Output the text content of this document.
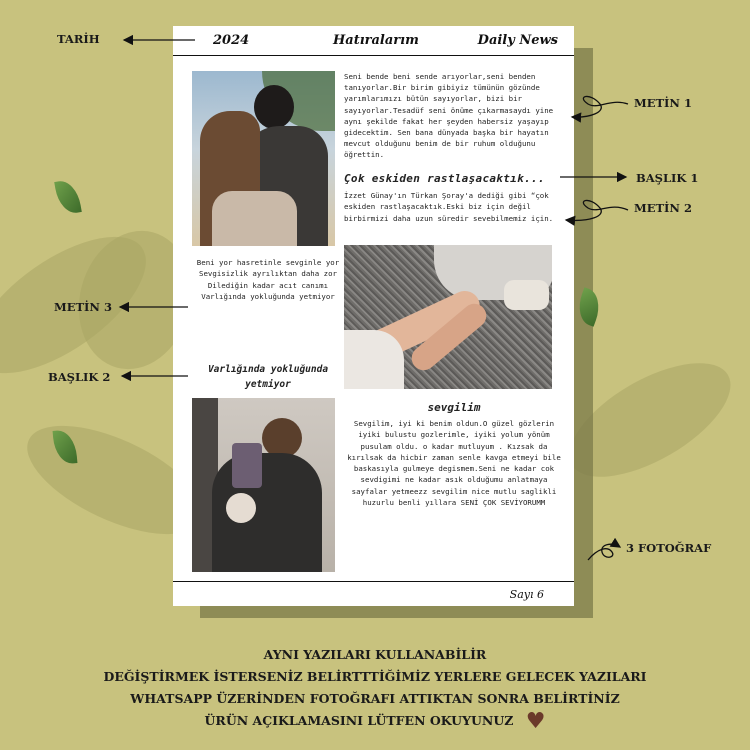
2024	Hatıralarım	Daily News
Seni bende beni sende arıyorlar,seni benden tanıyorlar.Bir birim gibiyiz tümünün gözünde yarımlarımızı bütün sayıyorlar, bizi bir sayıyorlar.Tesadüf seni önüme çıkarmasaydı yine aynı şekilde fakat her şeyden habersiz yaşayıp gidecektim. Sen bana dünyada başka bir hayatın mevcut olduğunu benim de bir ruhum olduğunu öğrettin.
Çok eskiden rastlaşacaktık...
İzzet Günay'ın Türkan Şoray'a dediği gibi “çok eskiden rastlaşacaktık.Eski biz için değil birbirmizi daha uzun süredir sevebilmemiz için.
Beni yor hasretinle sevginle yor Sevgisizlik ayrılıktan daha zor Dilediğin kadar acıt canımı Varlığında yokluğunda yetmiyor
Varlığında yokluğunda yetmiyor
sevgilim
Sevgilim, iyi ki benim oldun.O güzel gözlerin iyiki bulustu gozlerimle, iyiki yolum yönüm pusulam oldu. o kadar mutluyum . Kızsak da kırılsak da hicbir zaman senle kavga etmeyi bile baskasıyla gulmeye degismem.Seni ne kadar cok sevdigimi ne kadar asık olduğumu anlatmaya sayfalar yetmeezz sevgilim nice mutlu saglikli huzurlu benli yıllara SENİ ÇOK SEVİYORUMM
Sayı 6
TARİH
METİN 1
BAŞLIK 1
METİN 2
METİN 3
BAŞLIK 2
3 FOTOĞRAF
AYNI YAZILARI KULLANABİLİR
DEĞİŞTİRMEK İSTERSENİZ BELİRTTTİĞİMİZ YERLERE GELECEK YAZILARI
WHATSAPP ÜZERİNDEN FOTOĞRAFI ATTIKTAN SONRA BELİRTİNİZ
ÜRÜN AÇIKLAMASINI LÜTFEN OKUYUNUZ ♥
